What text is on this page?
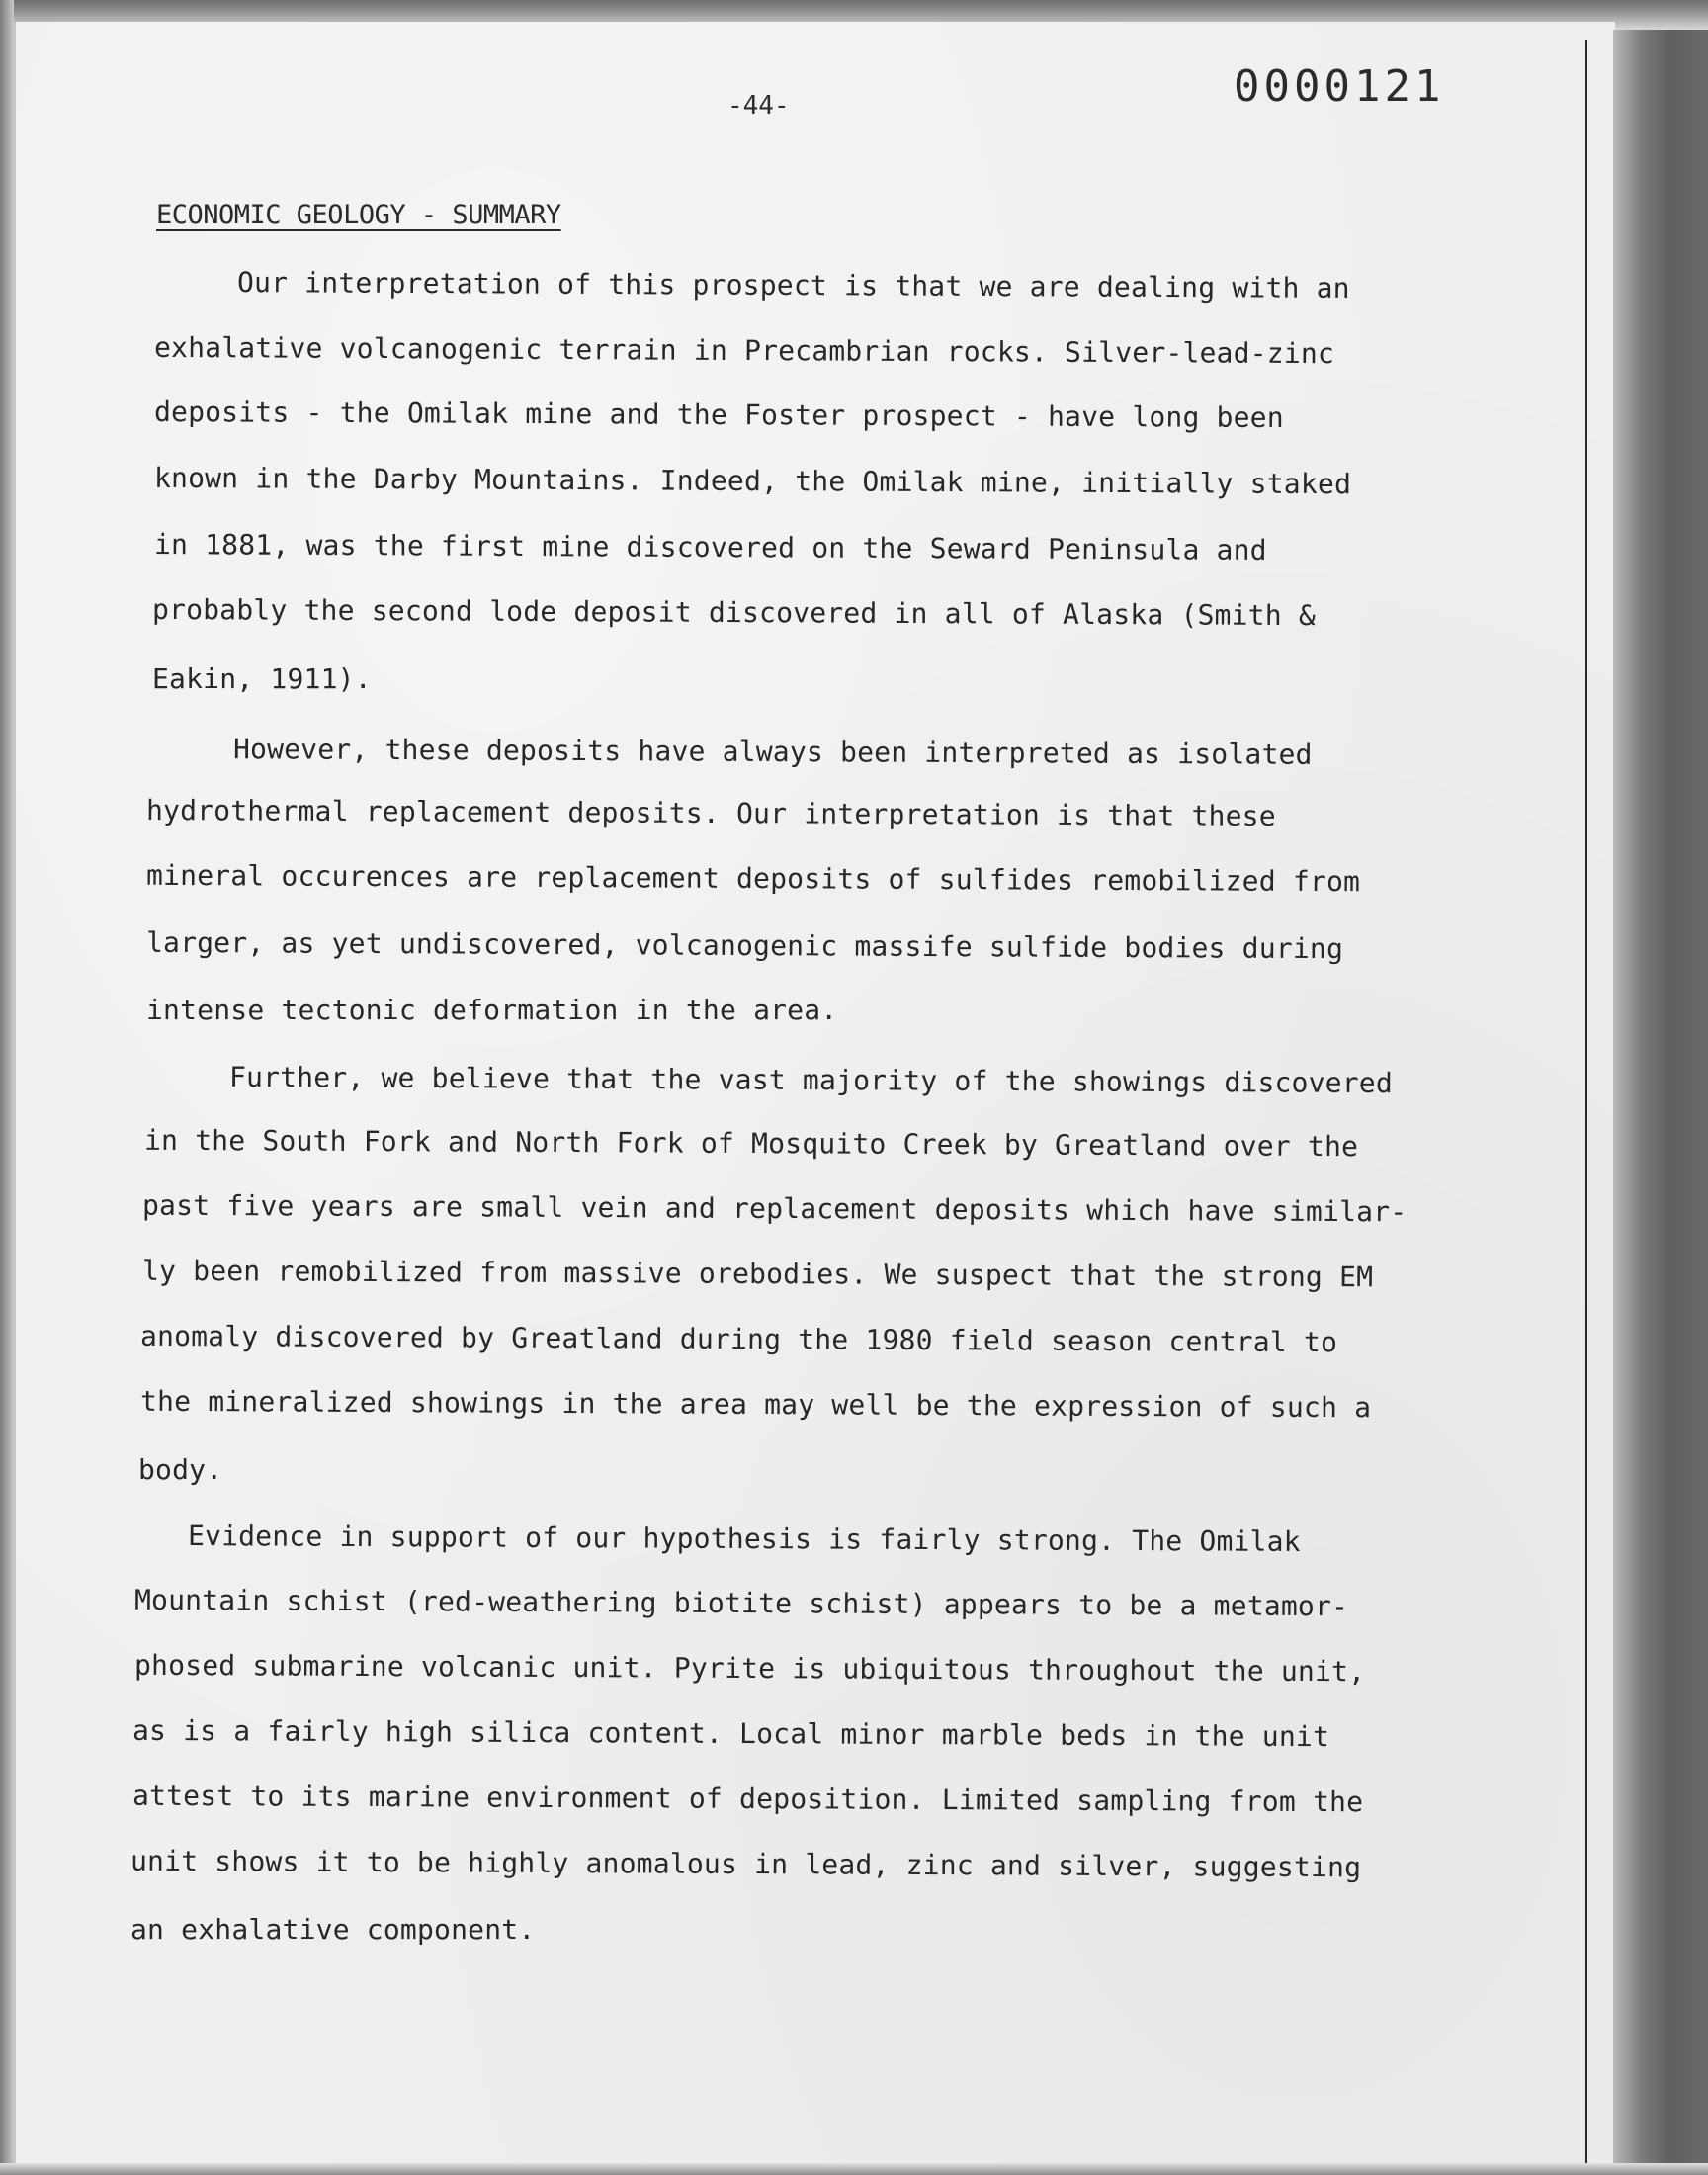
0000121
-44-
ECONOMIC GEOLOGY - SUMMARY
Our interpretation of this prospect is that we are dealing with an
exhalative volcanogenic terrain in Precambrian rocks. Silver-lead-zinc
deposits - the Omilak mine and the Foster prospect - have long been
known in the Darby Mountains. Indeed, the Omilak mine, initially staked
in 1881, was the first mine discovered on the Seward Peninsula and
probably the second lode deposit discovered in all of Alaska (Smith &
Eakin, 1911).
However, these deposits have always been interpreted as isolated
hydrothermal replacement deposits. Our interpretation is that these
mineral occurences are replacement deposits of sulfides remobilized from
larger, as yet undiscovered, volcanogenic massife sulfide bodies during
intense tectonic deformation in the area.
Further, we believe that the vast majority of the showings discovered
in the South Fork and North Fork of Mosquito Creek by Greatland over the
past five years are small vein and replacement deposits which have similar-
ly been remobilized from massive orebodies. We suspect that the strong EM
anomaly discovered by Greatland during the 1980 field season central to
the mineralized showings in the area may well be the expression of such a
body.
Evidence in support of our hypothesis is fairly strong. The Omilak
Mountain schist (red-weathering biotite schist) appears to be a metamor-
phosed submarine volcanic unit. Pyrite is ubiquitous throughout the unit,
as is a fairly high silica content. Local minor marble beds in the unit
attest to its marine environment of deposition. Limited sampling from the
unit shows it to be highly anomalous in lead, zinc and silver, suggesting
an exhalative component.
